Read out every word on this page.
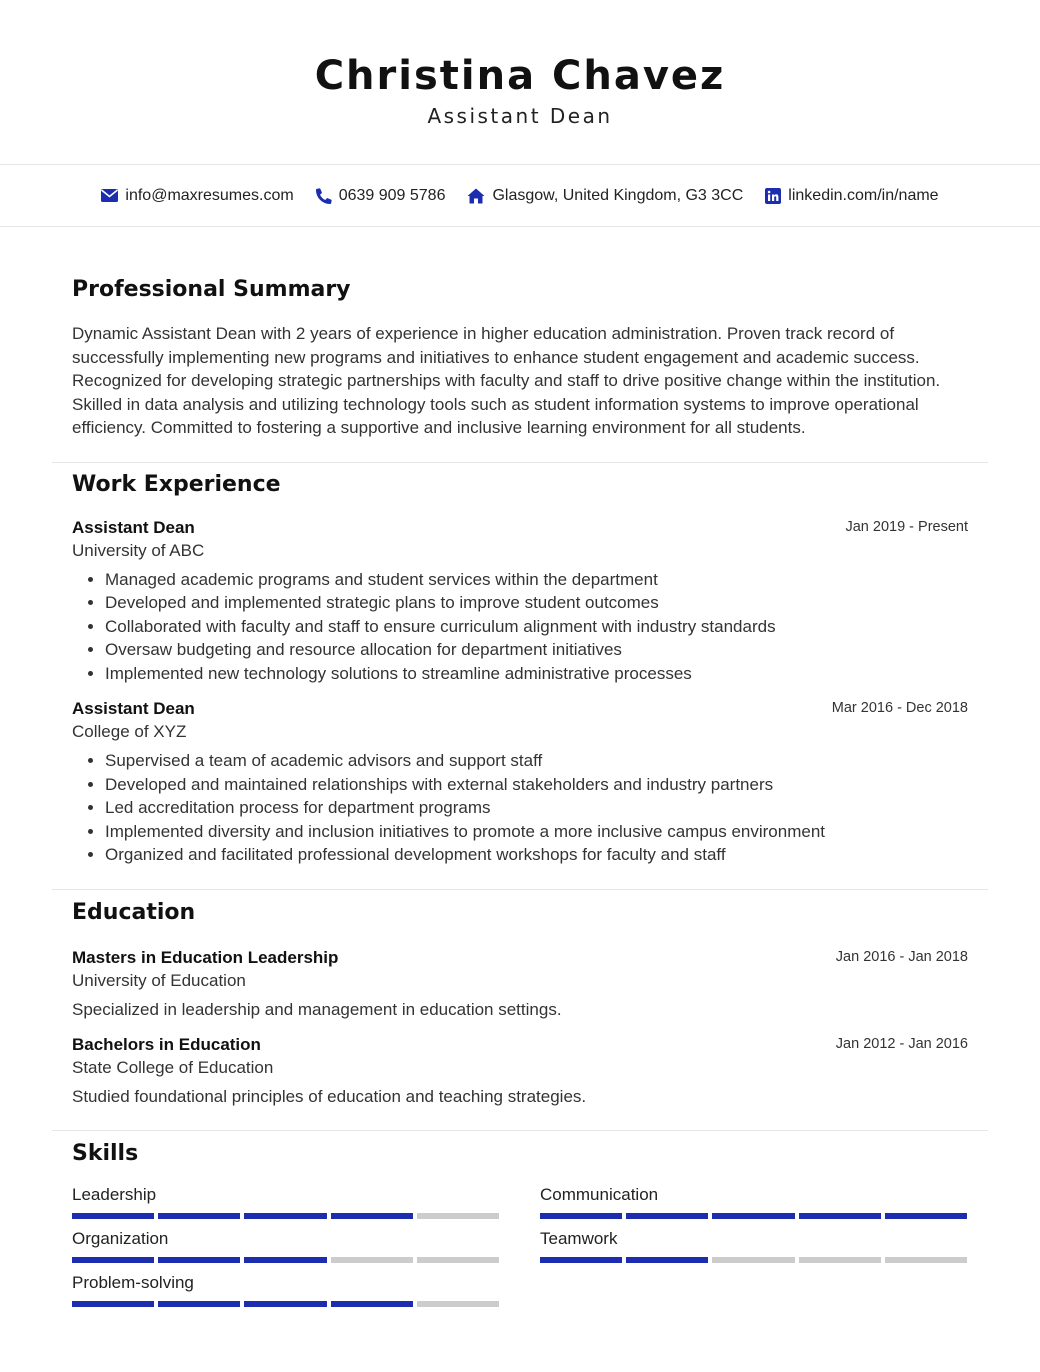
Christina Chavez
Assistant Dean
info@maxresumes.com	0639 909 5786	Glasgow, United Kingdom, G3 3CC	linkedin.com/in/name
Professional Summary

Dynamic Assistant Dean with 2 years of experience in higher education administration. Proven track record of successfully implementing new programs and initiatives to enhance student engagement and academic success. Recognized for developing strategic partnerships with faculty and staff to drive positive change within the institution. Skilled in data analysis and utilizing technology tools such as student information systems to improve operational efficiency. Committed to fostering a supportive and inclusive learning environment for all students.

Work Experience
Assistant Dean	Jan 2019 - Present
University of ABC
• Managed academic programs and student services within the department
• Developed and implemented strategic plans to improve student outcomes
• Collaborated with faculty and staff to ensure curriculum alignment with industry standards
• Oversaw budgeting and resource allocation for department initiatives
• Implemented new technology solutions to streamline administrative processes
Assistant Dean	Mar 2016 - Dec 2018
College of XYZ
• Supervised a team of academic advisors and support staff
• Developed and maintained relationships with external stakeholders and industry partners
• Led accreditation process for department programs
• Implemented diversity and inclusion initiatives to promote a more inclusive campus environment
• Organized and facilitated professional development workshops for faculty and staff
Education
Masters in Education Leadership	Jan 2016 - Jan 2018
University of Education
Specialized in leadership and management in education settings.
Bachelors in Education	Jan 2012 - Jan 2016
State College of Education
Studied foundational principles of education and teaching strategies.
Skills
Leadership	Communication
Organization	Teamwork
Problem-solving
